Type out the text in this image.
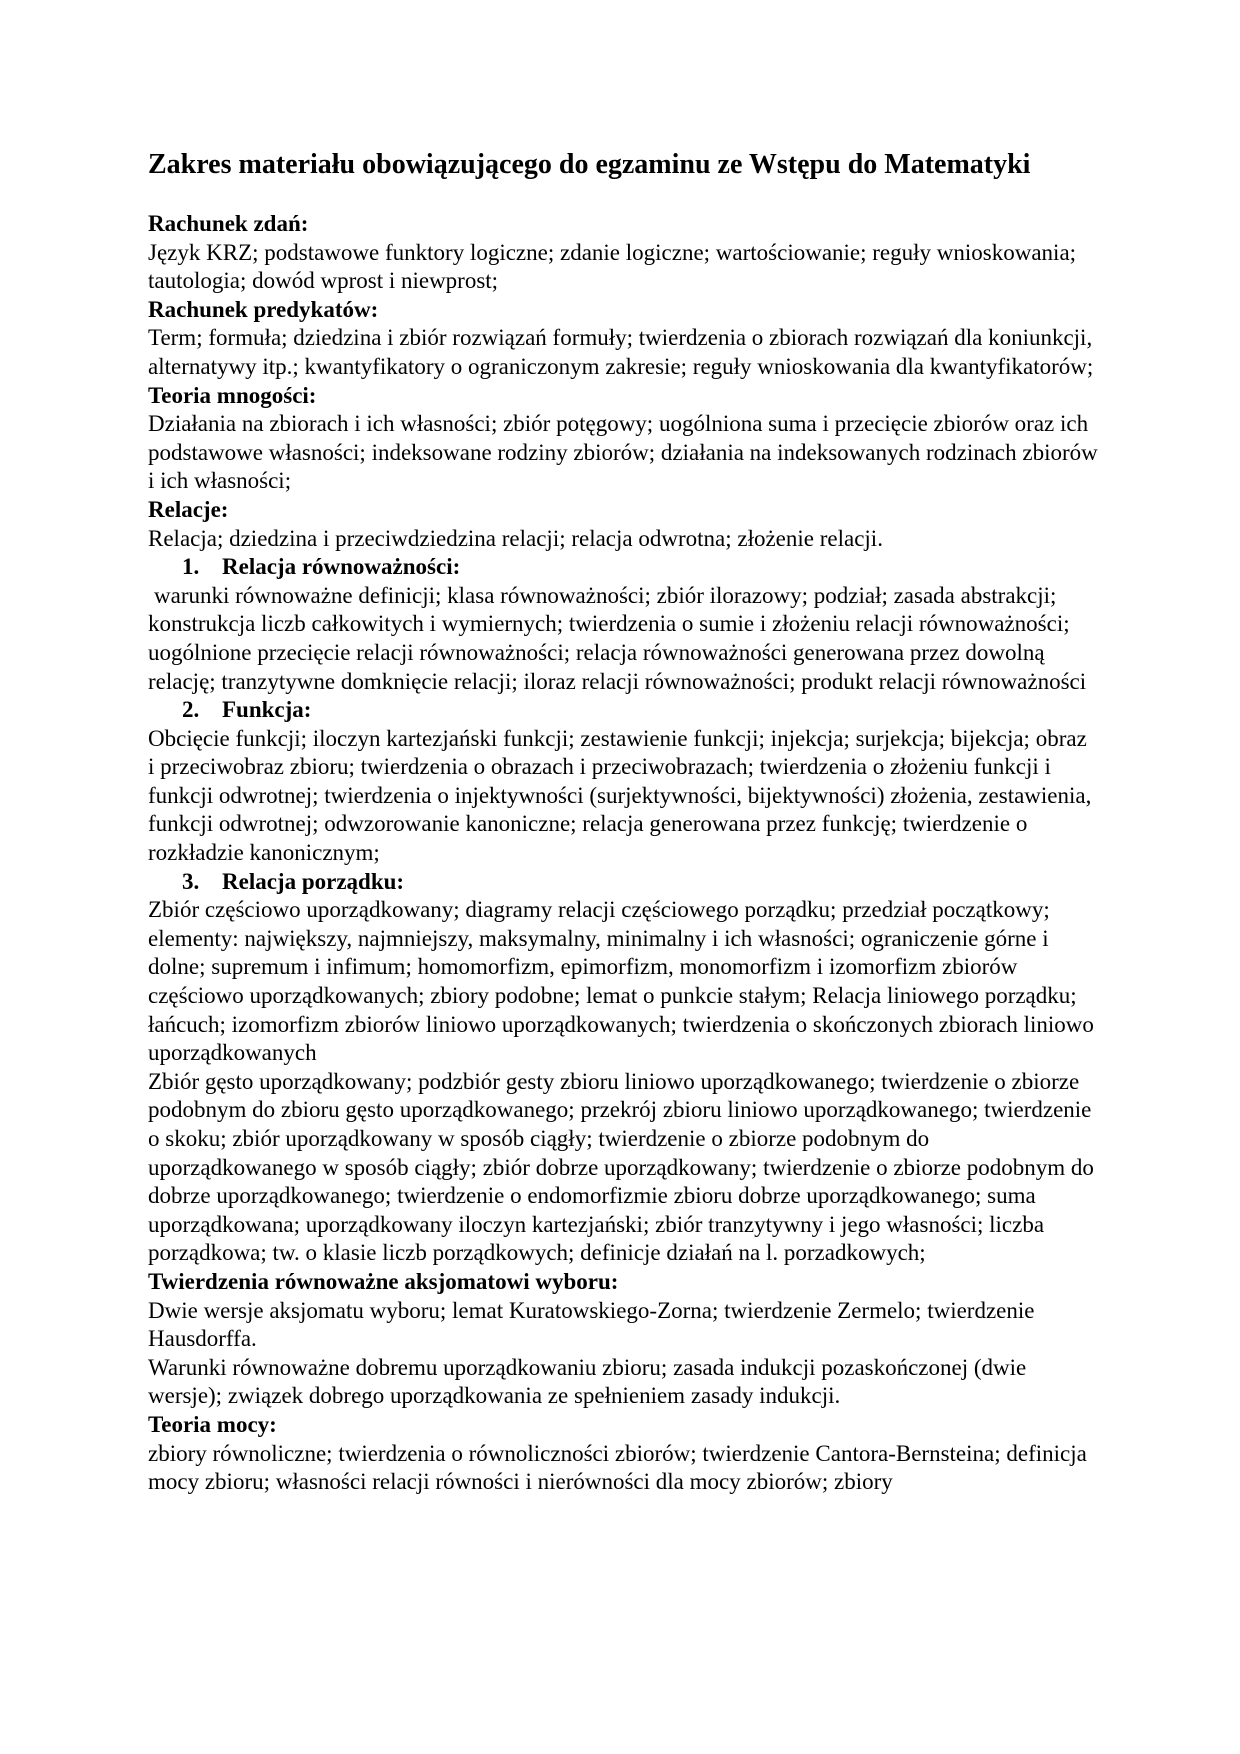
Zakres materiału obowiązującego do egzaminu ze Wstępu do Matematyki
Rachunek zdań:
Język KRZ; podstawowe funktory logiczne; zdanie logiczne; wartościowanie; reguły wnioskowania; tautologia; dowód wprost i niewprost;
Rachunek predykatów:
Term; formuła; dziedzina i zbiór rozwiązań formuły; twierdzenia o zbiorach rozwiązań dla koniunkcji, alternatywy itp.; kwantyfikatory o ograniczonym zakresie; reguły wnioskowania dla kwantyfikatorów;
Teoria mnogości:
Działania na zbiorach i ich własności; zbiór potęgowy; uogólniona suma i przecięcie zbiorów oraz ich podstawowe własności; indeksowane rodziny zbiorów; działania na indeksowanych rodzinach zbiorów i ich własności;
Relacje:
Relacja; dziedzina i przeciwdziedzina relacji; relacja odwrotna; złożenie relacji.
1. Relacja równoważności:
warunki równoważne definicji; klasa równoważności; zbiór ilorazowy; podział; zasada abstrakcji; konstrukcja liczb całkowitych i wymiernych; twierdzenia o sumie i złożeniu relacji równoważności; uogólnione przecięcie relacji równoważności; relacja równoważności generowana przez dowolną relację; tranzytywne domknięcie relacji; iloraz relacji równoważności; produkt relacji równoważności
2. Funkcja:
Obcięcie funkcji; iloczyn kartezjański funkcji; zestawienie funkcji; injekcja; surjekcja; bijekcja; obraz i przeciwobraz zbioru; twierdzenia o obrazach i przeciwobrazach; twierdzenia o złożeniu funkcji i funkcji odwrotnej; twierdzenia o injektywności (surjektywności, bijektywności) złożenia, zestawienia, funkcji odwrotnej; odwzorowanie kanoniczne; relacja generowana przez funkcję; twierdzenie o rozkładzie kanonicznym;
3. Relacja porządku:
Zbiór częściowo uporządkowany; diagramy relacji częściowego porządku; przedział początkowy; elementy: największy, najmniejszy, maksymalny, minimalny i ich własności; ograniczenie górne i dolne; supremum i infimum; homomorfizm, epimorfizm, monomorfizm i izomorfizm zbiorów częściowo uporządkowanych; zbiory podobne; lemat o punkcie stałym; Relacja liniowego porządku; łańcuch; izomorfizm zbiorów liniowo uporządkowanych; twierdzenia o skończonych zbiorach liniowo uporządkowanych
Zbiór gęsto uporządkowany; podzbiór gesty zbioru liniowo uporządkowanego; twierdzenie o zbiorze podobnym do zbioru gęsto uporządkowanego; przekrój zbioru liniowo uporządkowanego; twierdzenie o skoku; zbiór uporządkowany w sposób ciągły; twierdzenie o zbiorze podobnym do uporządkowanego w sposób ciągły; zbiór dobrze uporządkowany; twierdzenie o zbiorze podobnym do dobrze uporządkowanego; twierdzenie o endomorfizmie zbioru dobrze uporządkowanego; suma uporządkowana; uporządkowany iloczyn kartezjański; zbiór tranzytywny i jego własności; liczba porządkowa; tw. o klasie liczb porządkowych; definicje działań na l. porzadkowych;
Twierdzenia równoważne aksjomatowi wyboru:
Dwie wersje aksjomatu wyboru; lemat Kuratowskiego-Zorna; twierdzenie Zermelo; twierdzenie Hausdorffa.
Warunki równoważne dobremu uporządkowaniu zbioru; zasada indukcji pozaskończonej (dwie wersje); związek dobrego uporządkowania ze spełnieniem zasady indukcji.
Teoria mocy:
zbiory równoliczne; twierdzenia o równoliczności zbiorów; twierdzenie Cantora-Bernsteina; definicja mocy zbioru; własności relacji równości i nierówności dla mocy zbiorów; zbiory
